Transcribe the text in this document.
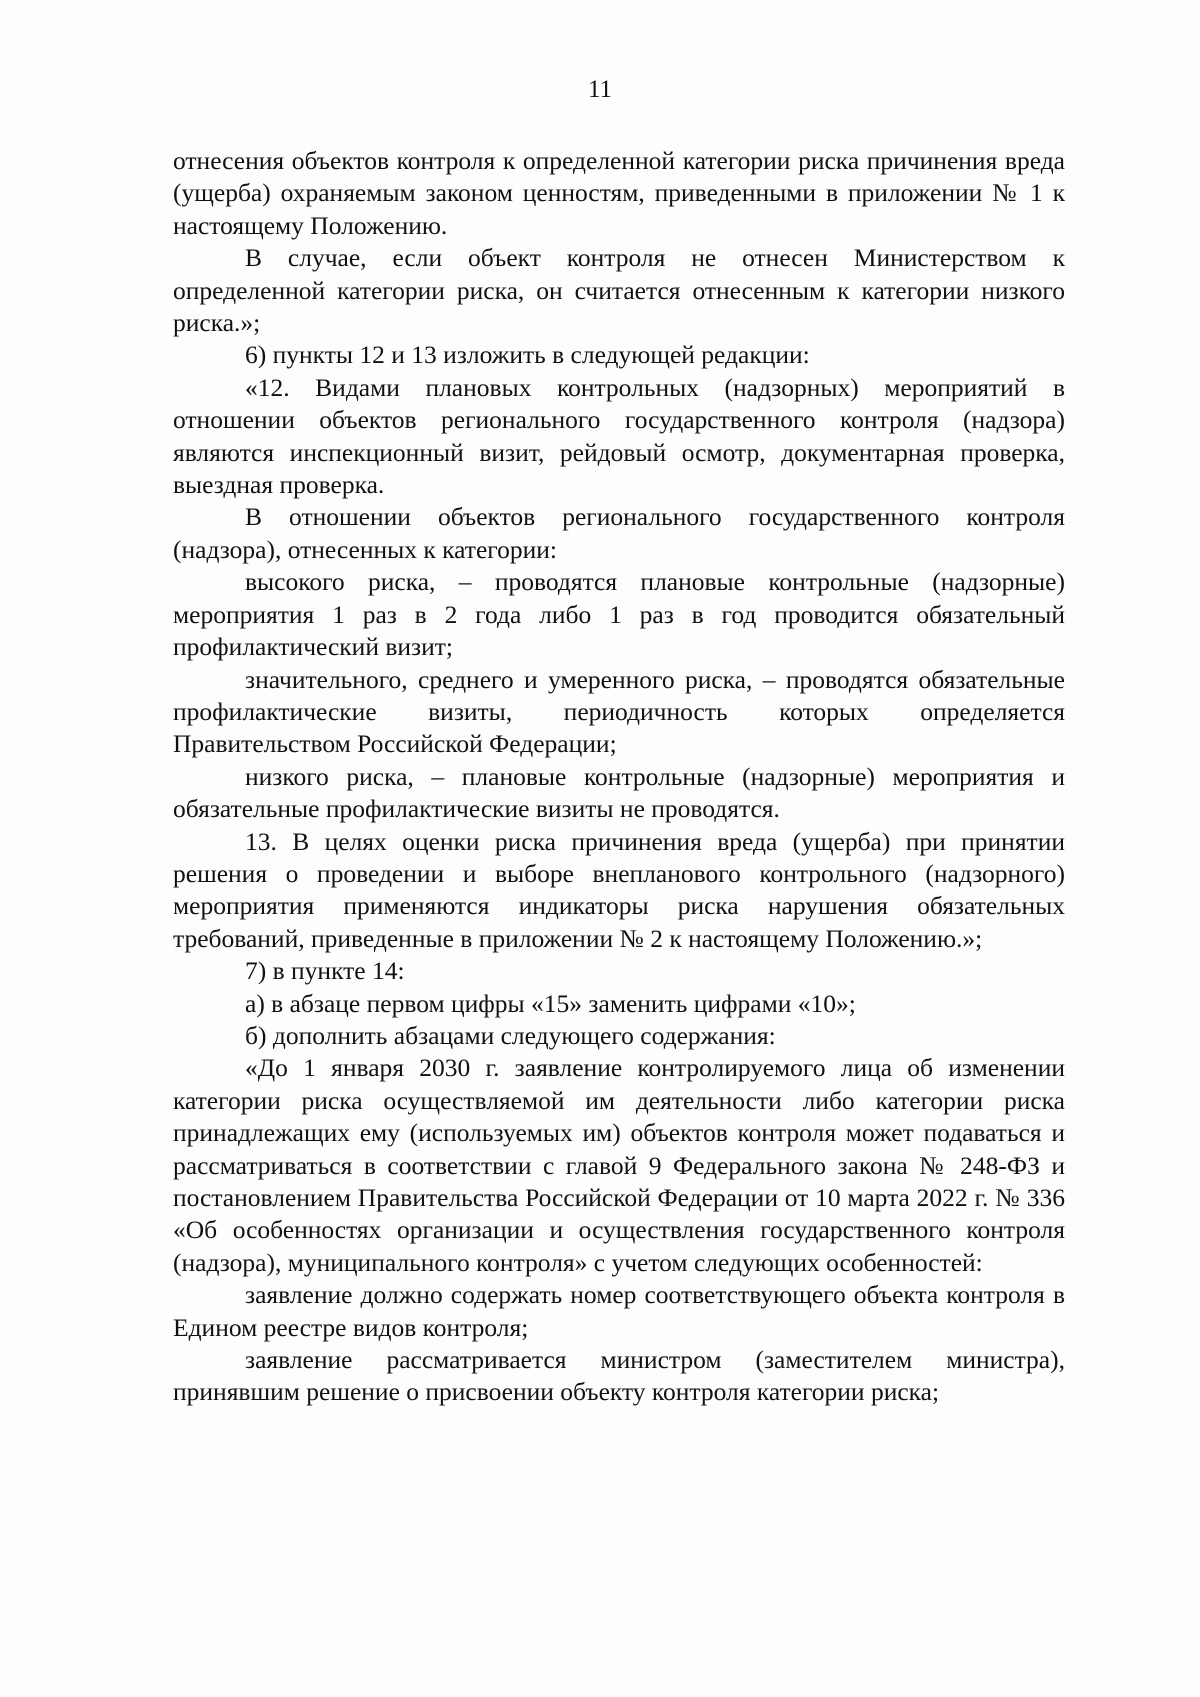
11

отнесения объектов контроля к определенной категории риска причинения вреда (ущерба) охраняемым законом ценностям, приведенными в приложении № 1 к настоящему Положению.

В случае, если объект контроля не отнесен Министерством к определенной категории риска, он считается отнесенным к категории низкого риска.»;

6) пункты 12 и 13 изложить в следующей редакции:

«12. Видами плановых контрольных (надзорных) мероприятий в отношении объектов регионального государственного контроля (надзора) являются инспекционный визит, рейдовый осмотр, документарная проверка, выездная проверка.

В отношении объектов регионального государственного контроля (надзора), отнесенных к категории:

высокого риска, – проводятся плановые контрольные (надзорные) мероприятия 1 раз в 2 года либо 1 раз в год проводится обязательный профилактический визит;

значительного, среднего и умеренного риска, – проводятся обязательные профилактические визиты, периодичность которых определяется Правительством Российской Федерации;

низкого риска, – плановые контрольные (надзорные) мероприятия и обязательные профилактические визиты не проводятся.

13. В целях оценки риска причинения вреда (ущерба) при принятии решения о проведении и выборе внепланового контрольного (надзорного) мероприятия применяются индикаторы риска нарушения обязательных требований, приведенные в приложении № 2 к настоящему Положению.»;

7) в пункте 14:

а) в абзаце первом цифры «15» заменить цифрами «10»;

б) дополнить абзацами следующего содержания:

«До 1 января 2030 г. заявление контролируемого лица об изменении категории риска осуществляемой им деятельности либо категории риска принадлежащих ему (используемых им) объектов контроля может подаваться и рассматриваться в соответствии с главой 9 Федерального закона № 248-ФЗ и постановлением Правительства Российской Федерации от 10 марта 2022 г. № 336 «Об особенностях организации и осуществления государственного контроля (надзора), муниципального контроля» с учетом следующих особенностей:

заявление должно содержать номер соответствующего объекта контроля в Едином реестре видов контроля;

заявление рассматривается министром (заместителем министра), принявшим решение о присвоении объекту контроля категории риска;
